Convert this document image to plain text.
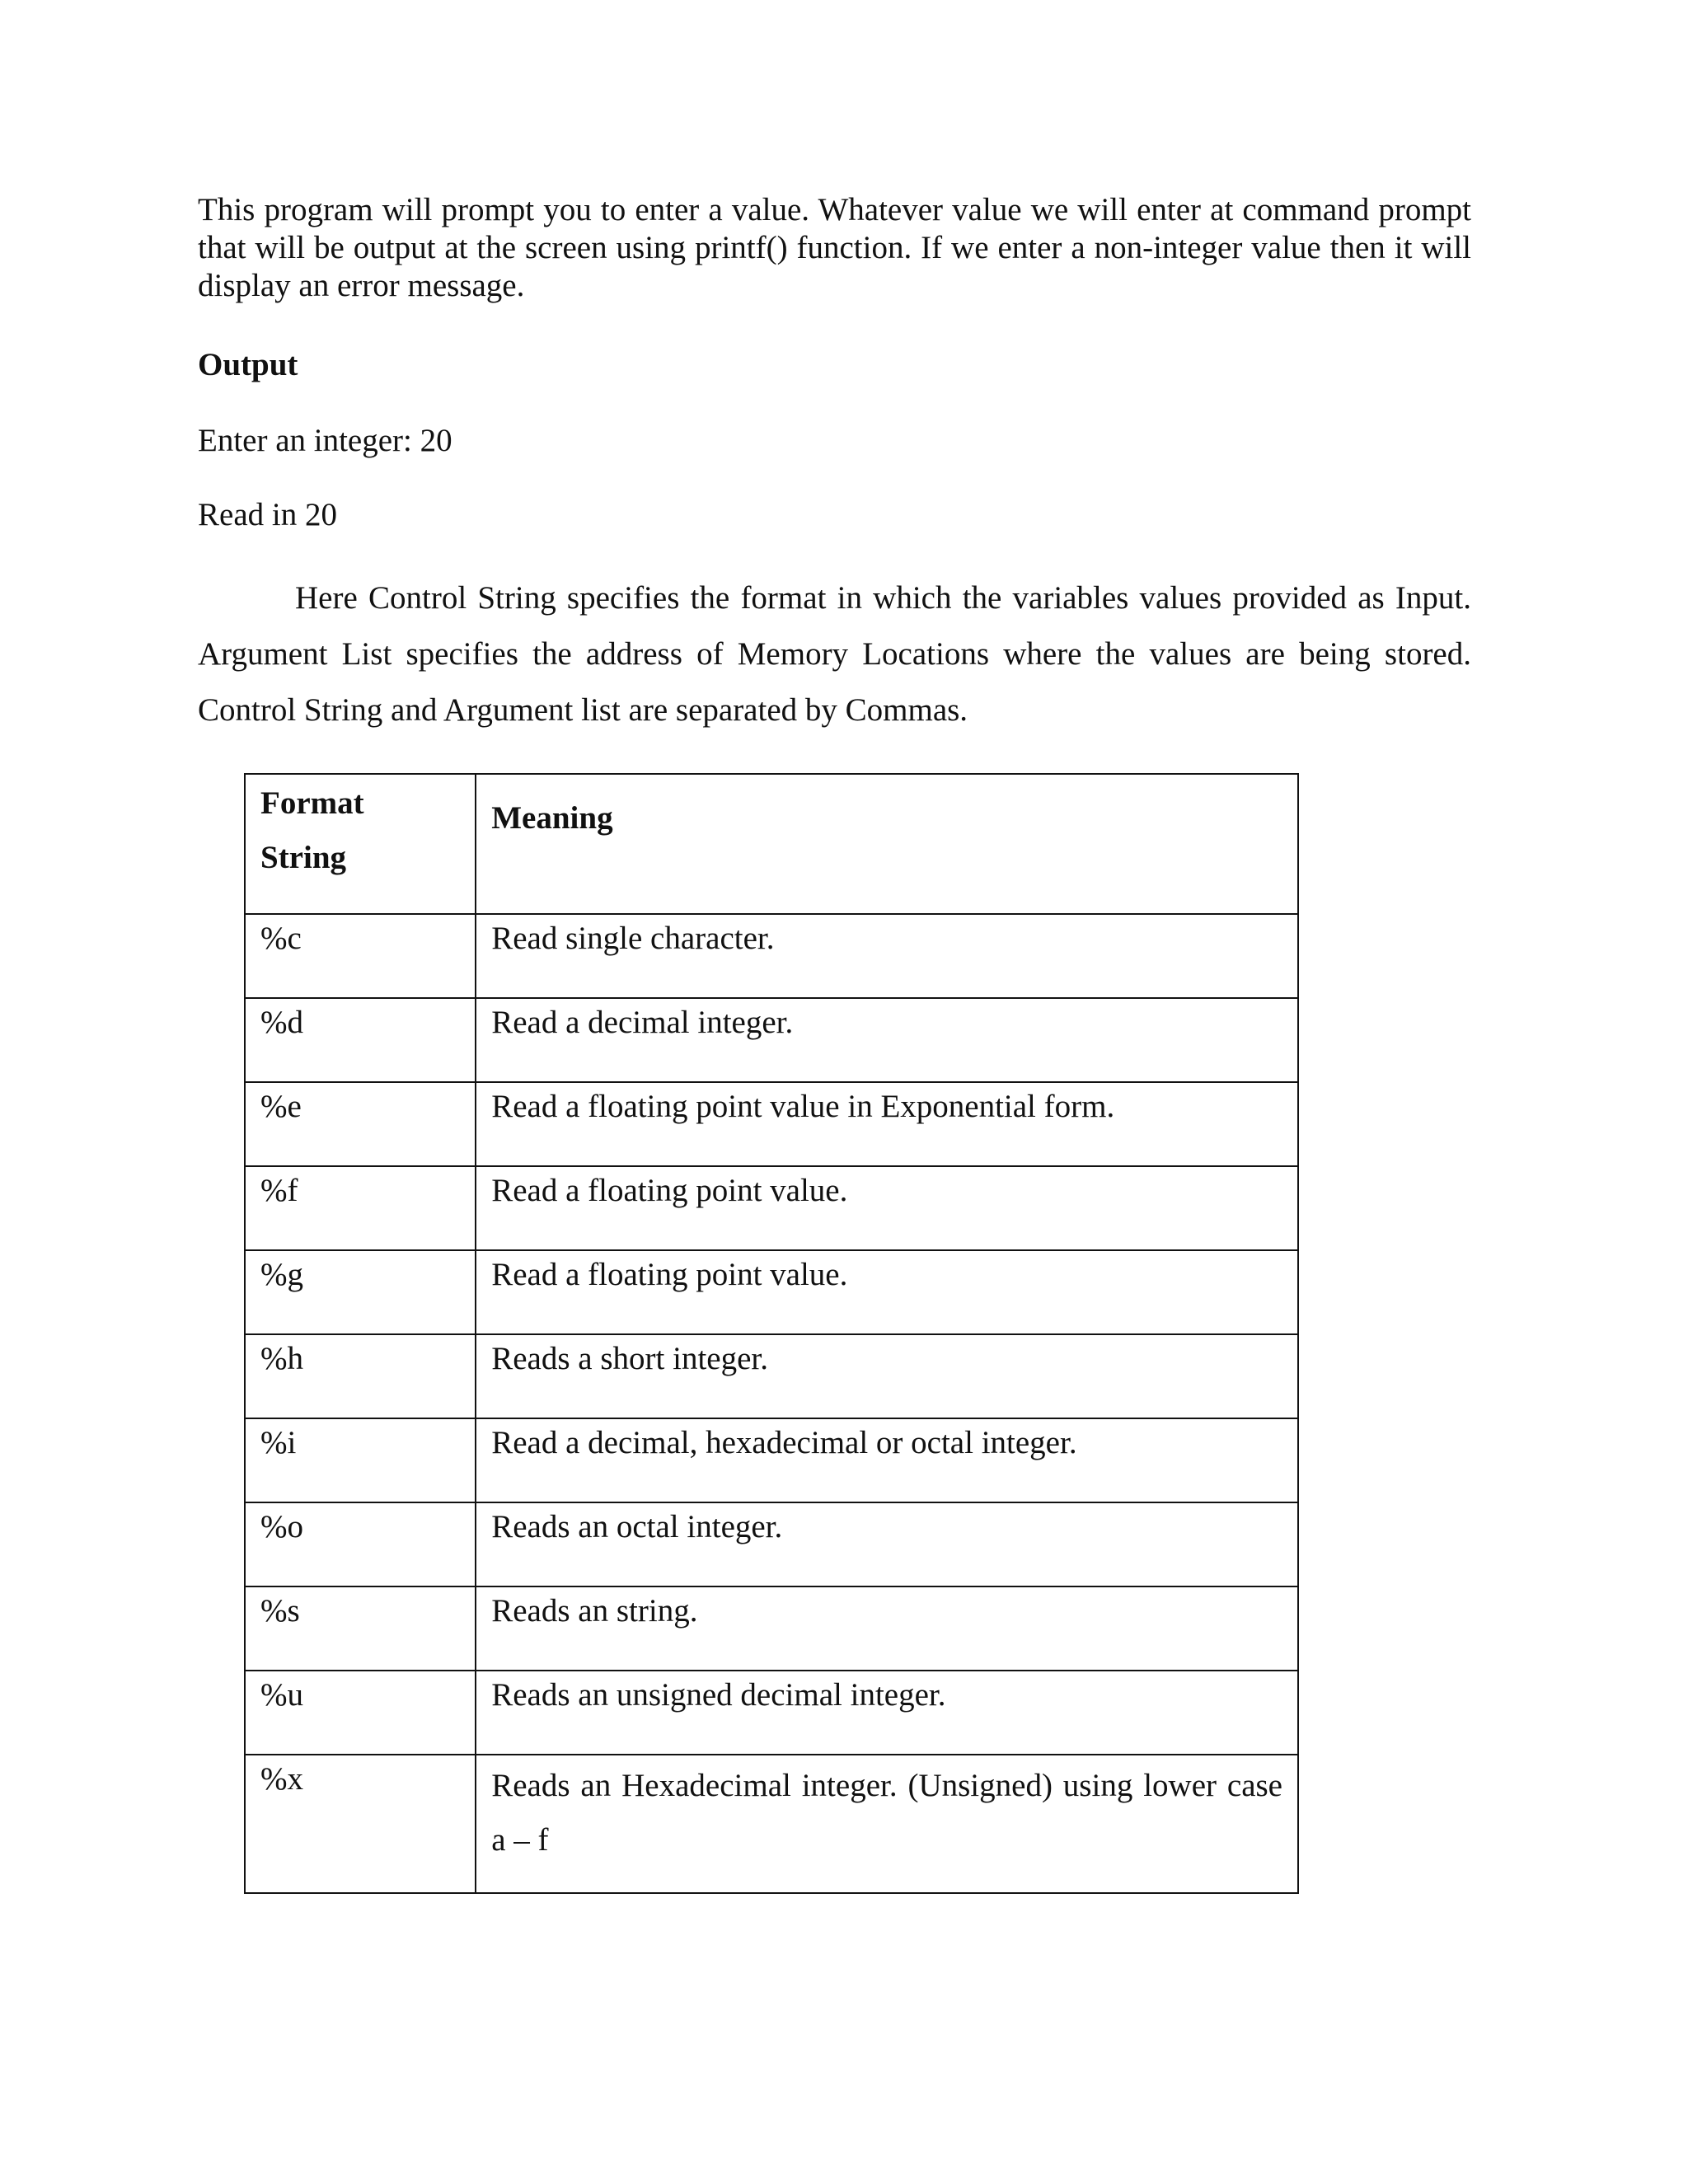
This program will prompt you to enter a value. Whatever value we will enter at command prompt that will be output at the screen using printf() function. If we enter a non-integer value then it will display an error message.
Output
Enter an integer: 20
Read in 20
Here Control String specifies the format in which the variables values provided as Input. Argument List specifies the address of Memory Locations where the values are being stored. Control String and Argument list are separated by Commas.
Format
String	Meaning

%c	Read single character.

%d	Read a decimal integer.

%e	Read a floating point value in Exponential form.

%f	Read a floating point value.

%g	Read a floating point value.

%h	Reads a short integer.

%i	Read a decimal, hexadecimal or octal integer.

%o	Reads an octal integer.

%s	Reads an string.

%u	Reads an unsigned decimal integer.

%x	Reads an Hexadecimal integer. (Unsigned) using lower case a – f
